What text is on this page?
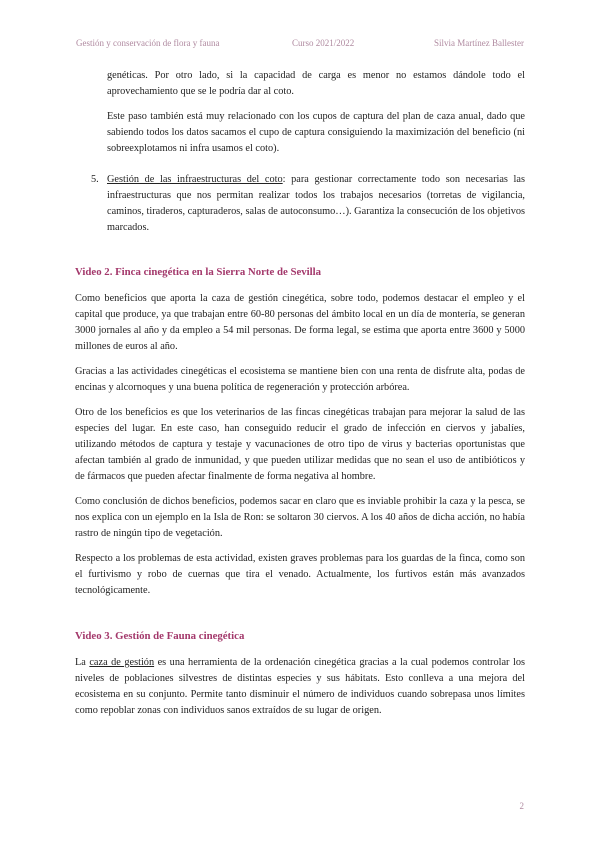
Gestión y conservación de flora y fauna	Curso 2021/2022	Silvia Martínez Ballester

genéticas. Por otro lado, si la capacidad de carga es menor no estamos dándole todo el aprovechamiento que se le podría dar al coto.

Este paso también está muy relacionado con los cupos de captura del plan de caza anual, dado que sabiendo todos los datos sacamos el cupo de captura consiguiendo la maximización del beneficio (ni sobreexplotamos ni infra usamos el coto).

5. Gestión de las infraestructuras del coto: para gestionar correctamente todo son necesarias las infraestructuras que nos permitan realizar todos los trabajos necesarios (torretas de vigilancia, caminos, tiraderos, capturaderos, salas de autoconsumo…). Garantiza la consecución de los objetivos marcados.

Video 2. Finca cinegética en la Sierra Norte de Sevilla

Como beneficios que aporta la caza de gestión cinegética, sobre todo, podemos destacar el empleo y el capital que produce, ya que trabajan entre 60-80 personas del ámbito local en un día de montería, se generan 3000 jornales al año y da empleo a 54 mil personas. De forma legal, se estima que aporta entre 3600 y 5000 millones de euros al año.

Gracias a las actividades cinegéticas el ecosistema se mantiene bien con una renta de disfrute alta, podas de encinas y alcornoques y una buena política de regeneración y protección arbórea.

Otro de los beneficios es que los veterinarios de las fincas cinegéticas trabajan para mejorar la salud de las especies del lugar. En este caso, han conseguido reducir el grado de infección en ciervos y jabalíes, utilizando métodos de captura y testaje y vacunaciones de otro tipo de virus y bacterias oportunistas que afectan también al grado de inmunidad, y que pueden utilizar medidas que no sean el uso de antibióticos y de fármacos que pueden afectar finalmente de forma negativa al hombre.

Como conclusión de dichos beneficios, podemos sacar en claro que es inviable prohibir la caza y la pesca, se nos explica con un ejemplo en la Isla de Ron: se soltaron 30 ciervos. A los 40 años de dicha acción, no había rastro de ningún tipo de vegetación.

Respecto a los problemas de esta actividad, existen graves problemas para los guardas de la finca, como son el furtivismo y robo de cuernas que tira el venado. Actualmente, los furtivos están más avanzados tecnológicamente.

Video 3. Gestión de Fauna cinegética

La caza de gestión es una herramienta de la ordenación cinegética gracias a la cual podemos controlar los niveles de poblaciones silvestres de distintas especies y sus hábitats. Esto conlleva a una mejora del ecosistema en su conjunto. Permite tanto disminuir el número de individuos cuando sobrepasa unos límites como repoblar zonas con individuos sanos extraídos de su lugar de origen.

2
